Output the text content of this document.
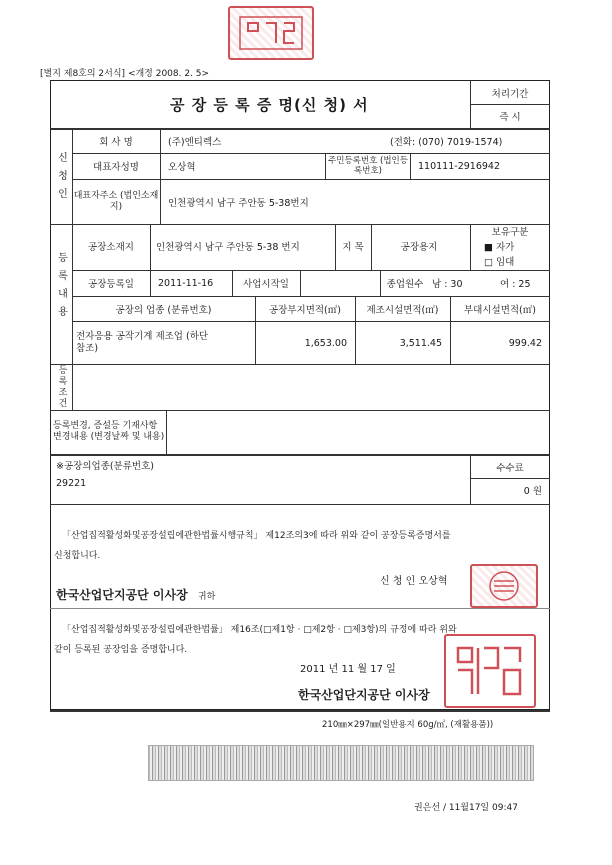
[별지 제8호의 2서식] <개정 2008. 2. 5>
공 장 등 록 증 명(신 청) 서
처리기간
즉 시
신 청 인
회 사 명	(주)엔티렉스	(전화: (070) 7019-1574)
대표자성명	오상혁
주민등록번호 (법인등록번호)	110111-2916942
대표자주소 (법인소재지)	인천광역시 남구 주안동 5-38번지
등 록 내 용
공장소재지	인천광역시 남구 주안동 5-38 번지	지 목	공장용지
보유구분
■ 자가
□ 임대
공장등록일	2011-11-16	사업시작일	종업원수 남 : 30	여 : 25
공장의 업종 (분류번호)	공장부지면적(㎡)	제조시설면적(㎡)	부대시설면적(㎡)
전자응용 공작기계 제조업 (하단참조)	1,653.00	3,511.45	999.42
등록조건
등록변경, 증설등 기재사항 변경내용 (변경날짜 및 내용)
※공장의업종(분류번호)
29221
수수료
0 원
「산업집적활성화및공장설립에관한법률시행규칙」 제12조의3에 따라 위와 같이 공장등록증명서를
신청합니다.
신 청 인 오상혁
한국산업단지공단 이사장 귀하
「산업집적활성화및공장설립에관한법률」 제16조(□제1항 · □제2항 · □제3항)의 규정에 따라 위와
같이 등록된 공장임을 증명합니다.
2011 년 11 월 17 일
한국산업단지공단 이사장
210㎜×297㎜(일반용지 60g/㎡, (재활용품))
권은선 / 11월17일 09:47
